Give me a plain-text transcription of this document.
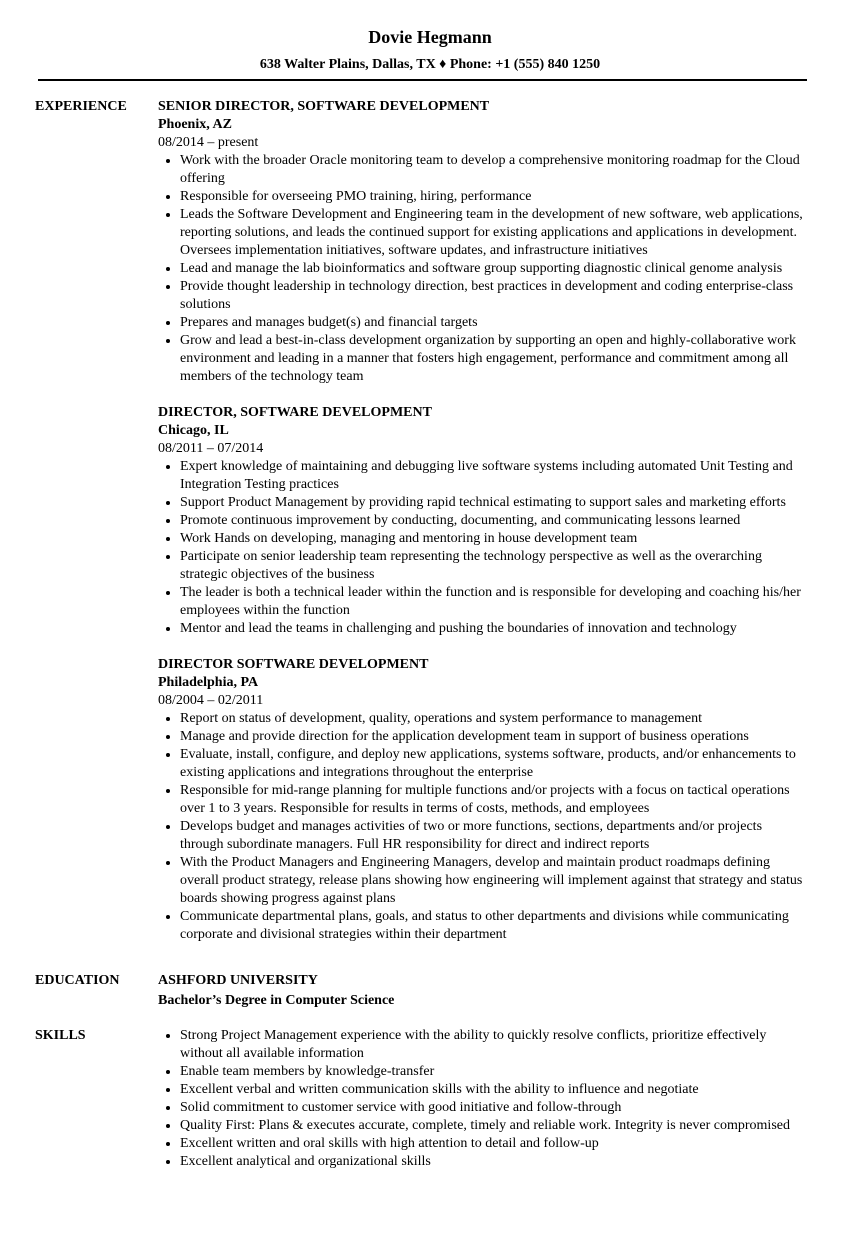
Dovie Hegmann
638 Walter Plains, Dallas, TX ♦ Phone: +1 (555) 840 1250
EXPERIENCE	SENIOR DIRECTOR, SOFTWARE DEVELOPMENT
Phoenix, AZ
08/2014 – present
• Work with the broader Oracle monitoring team to develop a comprehensive monitoring roadmap for the Cloud offering
• Responsible for overseeing PMO training, hiring, performance
• Leads the Software Development and Engineering team in the development of new software, web applications, reporting solutions, and leads the continued support for existing applications and applications in development. Oversees implementation initiatives, software updates, and infrastructure initiatives
• Lead and manage the lab bioinformatics and software group supporting diagnostic clinical genome analysis
• Provide thought leadership in technology direction, best practices in development and coding enterprise-class solutions
• Prepares and manages budget(s) and financial targets
• Grow and lead a best-in-class development organization by supporting an open and highly-collaborative work environment and leading in a manner that fosters high engagement, performance and commitment among all members of the technology team
DIRECTOR, SOFTWARE DEVELOPMENT
Chicago, IL
08/2011 – 07/2014
• Expert knowledge of maintaining and debugging live software systems including automated Unit Testing and Integration Testing practices
• Support Product Management by providing rapid technical estimating to support sales and marketing efforts
• Promote continuous improvement by conducting, documenting, and communicating lessons learned
• Work Hands on developing, managing and mentoring in house development team
• Participate on senior leadership team representing the technology perspective as well as the overarching strategic objectives of the business
• The leader is both a technical leader within the function and is responsible for developing and coaching his/her employees within the function
• Mentor and lead the teams in challenging and pushing the boundaries of innovation and technology
DIRECTOR SOFTWARE DEVELOPMENT
Philadelphia, PA
08/2004 – 02/2011
• Report on status of development, quality, operations and system performance to management
• Manage and provide direction for the application development team in support of business operations
• Evaluate, install, configure, and deploy new applications, systems software, products, and/or enhancements to existing applications and integrations throughout the enterprise
• Responsible for mid-range planning for multiple functions and/or projects with a focus on tactical operations over 1 to 3 years. Responsible for results in terms of costs, methods, and employees
• Develops budget and manages activities of two or more functions, sections, departments and/or projects through subordinate managers. Full HR responsibility for direct and indirect reports
• With the Product Managers and Engineering Managers, develop and maintain product roadmaps defining overall product strategy, release plans showing how engineering will implement against that strategy and status boards showing progress against plans
• Communicate departmental plans, goals, and status to other departments and divisions while communicating corporate and divisional strategies within their department
EDUCATION	ASHFORD UNIVERSITY
Bachelor’s Degree in Computer Science
SKILLS
•	Strong Project Management experience with the ability to quickly resolve conflicts, prioritize effectively without all available information
• Enable team members by knowledge-transfer
• Excellent verbal and written communication skills with the ability to influence and negotiate
• Solid commitment to customer service with good initiative and follow-through
• Quality First: Plans & executes accurate, complete, timely and reliable work. Integrity is never compromised
• Excellent written and oral skills with high attention to detail and follow-up
• Excellent analytical and organizational skills
